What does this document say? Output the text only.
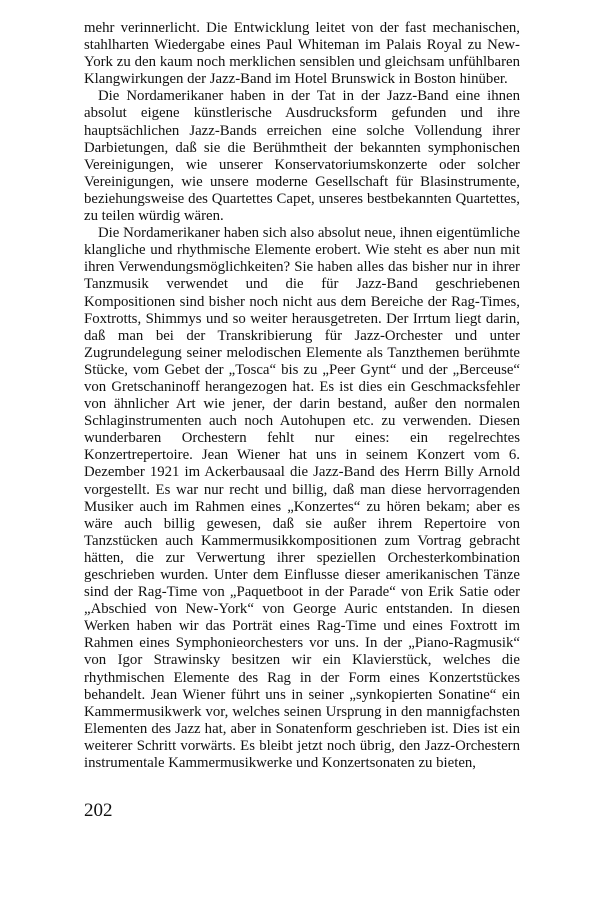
mehr verinnerlicht. Die Entwicklung leitet von der fast mechanischen, stahlharten Wiedergabe eines Paul Whiteman im Palais Royal zu New-York zu den kaum noch merklichen sensiblen und gleichsam unfühlbaren Klangwirkungen der Jazz-Band im Hotel Brunswick in Boston hinüber.

Die Nordamerikaner haben in der Tat in der Jazz-Band eine ihnen absolut eigene künstlerische Ausdrucksform gefunden und ihre hauptsächlichen Jazz-Bands erreichen eine solche Vollendung ihrer Darbietungen, daß sie die Berühmtheit der bekannten symphonischen Vereinigungen, wie unserer Konservatoriumskonzerte oder solcher Vereinigungen, wie unsere moderne Gesellschaft für Blasinstrumente, beziehungsweise des Quartettes Capet, unseres bestbekannten Quartettes, zu teilen würdig wären.

Die Nordamerikaner haben sich also absolut neue, ihnen eigentümliche klangliche und rhythmische Elemente erobert. Wie steht es aber nun mit ihren Verwendungsmöglichkeiten? Sie haben alles das bisher nur in ihrer Tanzmusik verwendet und die für Jazz-Band geschriebenen Kompositionen sind bisher noch nicht aus dem Bereiche der Rag-Times, Foxtrotts, Shimmys und so weiter herausgetreten. Der Irrtum liegt darin, daß man bei der Transkribierung für Jazz-Orchester und unter Zugrundelegung seiner melodischen Elemente als Tanzthemen berühmte Stücke, vom Gebet der „Tosca“ bis zu „Peer Gynt“ und der „Berceuse“ von Gretschaninoff herangezogen hat. Es ist dies ein Geschmacksfehler von ähnlicher Art wie jener, der darin bestand, außer den normalen Schlaginstrumenten auch noch Autohupen etc. zu verwenden. Diesen wunderbaren Orchestern fehlt nur eines: ein regelrechtes Konzertrepertoire. Jean Wiener hat uns in seinem Konzert vom 6. Dezember 1921 im Ackerbausaal die Jazz-Band des Herrn Billy Arnold vorgestellt. Es war nur recht und billig, daß man diese hervorragenden Musiker auch im Rahmen eines „Konzertes“ zu hören bekam; aber es wäre auch billig gewesen, daß sie außer ihrem Repertoire von Tanzstücken auch Kammermusikkompositionen zum Vortrag gebracht hätten, die zur Verwertung ihrer speziellen Orchesterkombination geschrieben wurden. Unter dem Einflusse dieser amerikanischen Tänze sind der Rag-Time von „Paquetboot in der Parade“ von Erik Satie oder „Abschied von New-York“ von George Auric entstanden. In diesen Werken haben wir das Porträt eines Rag-Time und eines Foxtrott im Rahmen eines Symphonieorchesters vor uns. In der „Piano-Ragmusik“ von Igor Strawinsky besitzen wir ein Klavierstück, welches die rhythmischen Elemente des Rag in der Form eines Konzertstückes behandelt. Jean Wiener führt uns in seiner „synkopierten Sonatine“ ein Kammermusikwerk vor, welches seinen Ursprung in den mannigfachsten Elementen des Jazz hat, aber in Sonatenform geschrieben ist. Dies ist ein weiterer Schritt vorwärts. Es bleibt jetzt noch übrig, den Jazz-Orchestern instrumentale Kammermusikwerke und Konzertsonaten zu bieten,

202
